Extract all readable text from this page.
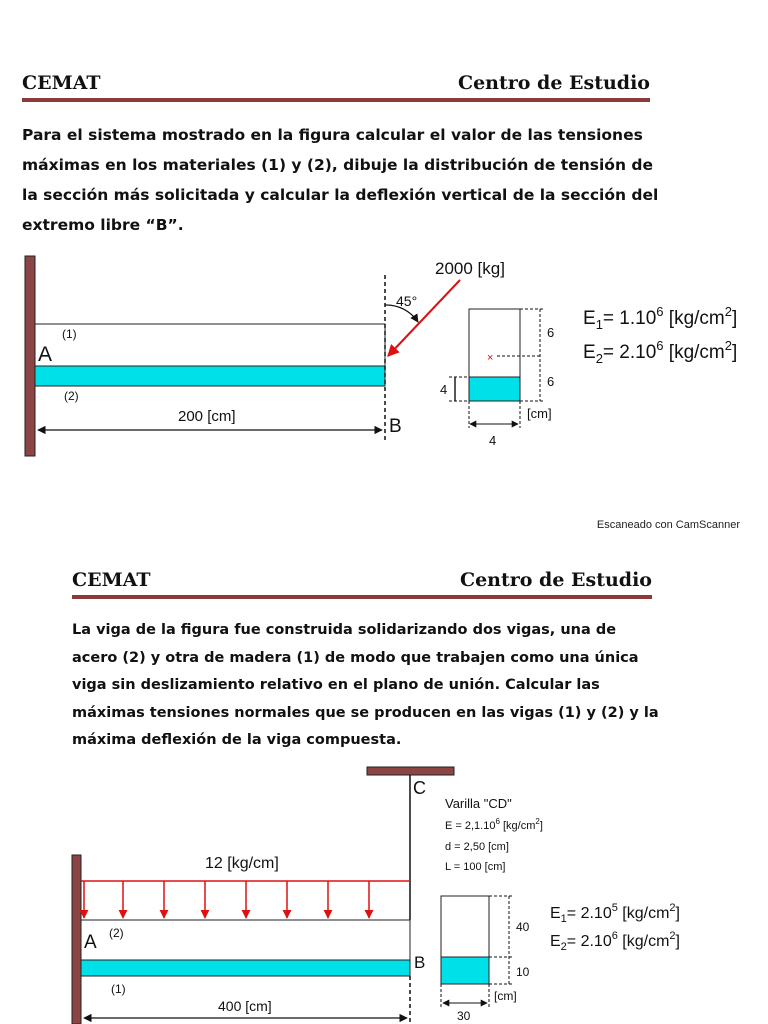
CEMAT	Centro de Estudio

Para el sistema mostrado en la figura calcular el valor de las tensiones máximas en los materiales (1) y (2), dibuje la distribución de tensión de la sección más solicitada y calcular la deflexión vertical de la sección del extremo libre “B”.

2000 [kg]
45°
A
B
(1)
(2)
200 [cm]
×
6
6
4
4
[cm]
$E_1= 1.10^6$ $[kg/cm^2]$
$E_2= 2.10^6$ $[kg/cm^2]$
C
12 [kg/cm]
A
B
(2)
(1)
400 [cm]
Varilla "CD"
$E = 2,1.10^6$ $[kg/cm^2]$
d = 2,50 [cm]
L = 100 [cm]
40
10
30
[cm]
$E_1= 2.10^5$ $[kg/cm^2]$
$E_2= 2.10^6$ $[kg/cm^2]$
Escaneado con CamScanner
CEMAT	Centro de Estudio

La viga de la figura fue construida solidarizando dos vigas, una de acero (2) y otra de madera (1) de modo que trabajen como una única viga sin deslizamiento relativo en el plano de unión. Calcular las máximas tensiones normales que se producen en las vigas (1) y (2) y la máxima deflexión de la viga compuesta.
